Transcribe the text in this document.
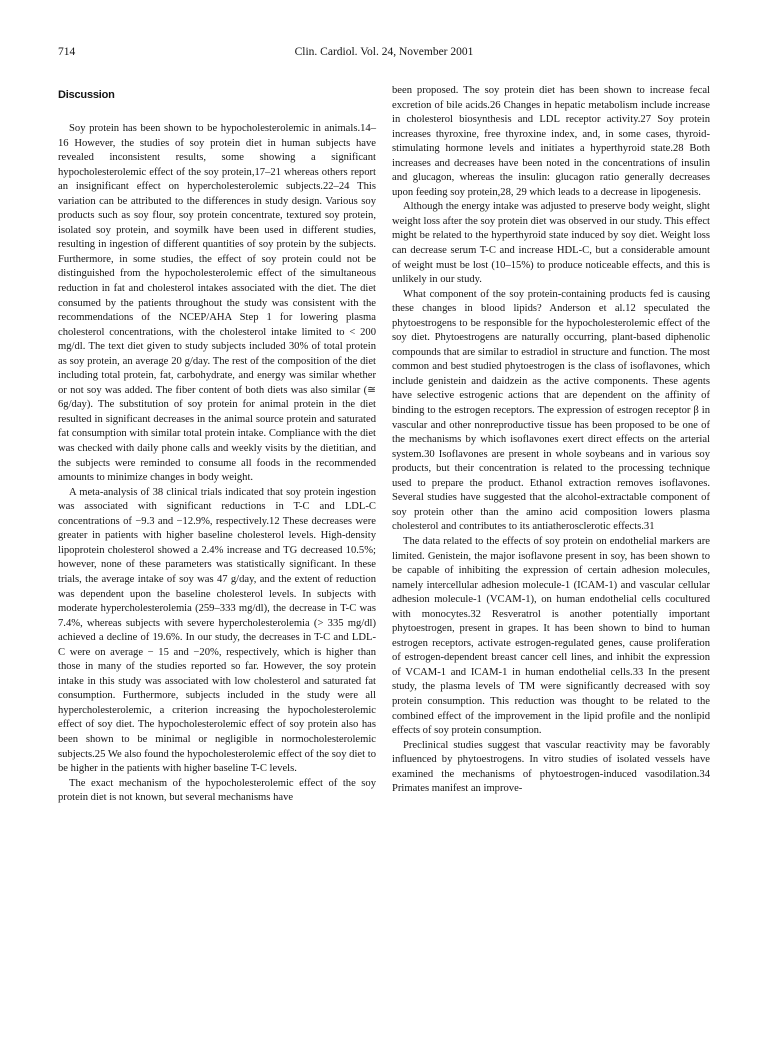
714	Clin. Cardiol. Vol. 24, November 2001
Discussion

Soy protein has been shown to be hypocholesterolemic in animals.14–16 However, the studies of soy protein diet in human subjects have revealed inconsistent results, some showing a significant hypocholesterolemic effect of the soy protein,17–21 whereas others report an insignificant effect on hypercholesterolemic subjects.22–24 This variation can be attributed to the differences in study design. Various soy products such as soy flour, soy protein concentrate, textured soy protein, isolated soy protein, and soymilk have been used in different studies, resulting in ingestion of different quantities of soy protein by the subjects. Furthermore, in some studies, the effect of soy protein could not be distinguished from the hypocholesterolemic effect of the simultaneous reduction in fat and cholesterol intakes associated with the diet. The diet consumed by the patients throughout the study was consistent with the recommendations of the NCEP/AHA Step 1 for lowering plasma cholesterol concentrations, with the cholesterol intake limited to < 200 mg/dl. The text diet given to study subjects included 30% of total protein as soy protein, an average 20 g/day. The rest of the composition of the diet including total protein, fat, carbohydrate, and energy was similar whether or not soy was added. The fiber content of both diets was also similar (≅ 6g/day). The substitution of soy protein for animal protein in the diet resulted in significant decreases in the animal source protein and saturated fat consumption with similar total protein intake. Compliance with the diet was checked with daily phone calls and weekly visits by the dietitian, and the subjects were reminded to consume all foods in the recommended amounts to minimize changes in body weight.

A meta-analysis of 38 clinical trials indicated that soy protein ingestion was associated with significant reductions in T-C and LDL-C concentrations of −9.3 and −12.9%, respectively.12 These decreases were greater in patients with higher baseline cholesterol levels. High-density lipoprotein cholesterol showed a 2.4% increase and TG decreased 10.5%; however, none of these parameters was statistically significant. In these trials, the average intake of soy was 47 g/day, and the extent of reduction was dependent upon the baseline cholesterol levels. In subjects with moderate hypercholesterolemia (259–333 mg/dl), the decrease in T-C was 7.4%, whereas subjects with severe hypercholesterolemia (> 335 mg/dl) achieved a decline of 19.6%. In our study, the decreases in T-C and LDL-C were on average − 15 and −20%, respectively, which is higher than those in many of the studies reported so far. However, the soy protein intake in this study was associated with low cholesterol and saturated fat consumption. Furthermore, subjects included in the study were all hypercholesterolemic, a criterion increasing the hypocholesterolemic effect of soy diet. The hypocholesterolemic effect of soy protein also has been shown to be minimal or negligible in normocholesterolemic subjects.25 We also found the hypocholesterolemic effect of the soy diet to be higher in the patients with higher baseline T-C levels.

The exact mechanism of the hypocholesterolemic effect of the soy protein diet is not known, but several mechanisms have

been proposed. The soy protein diet has been shown to increase fecal excretion of bile acids.26 Changes in hepatic metabolism include increase in cholesterol biosynthesis and LDL receptor activity.27 Soy protein increases thyroxine, free thyroxine index, and, in some cases, thyroid-stimulating hormone levels and initiates a hyperthyroid state.28 Both increases and decreases have been noted in the concentrations of insulin and glucagon, whereas the insulin: glucagon ratio generally decreases upon feeding soy protein,28, 29 which leads to a decrease in lipogenesis.

Although the energy intake was adjusted to preserve body weight, slight weight loss after the soy protein diet was observed in our study. This effect might be related to the hyperthyroid state induced by soy diet. Weight loss can decrease serum T-C and increase HDL-C, but a considerable amount of weight must be lost (10–15%) to produce noticeable effects, and this is unlikely in our study.

What component of the soy protein-containing products fed is causing these changes in blood lipids? Anderson et al.12 speculated the phytoestrogens to be responsible for the hypocholesterolemic effect of the soy diet. Phytoestrogens are naturally occurring, plant-based diphenolic compounds that are similar to estradiol in structure and function. The most common and best studied phytoestrogen is the class of isoflavones, which include genistein and daidzein as the active components. These agents have selective estrogenic actions that are dependent on the affinity of binding to the estrogen receptors. The expression of estrogen receptor β in vascular and other nonreproductive tissue has been proposed to be one of the mechanisms by which isoflavones exert direct effects on the arterial system.30 Isoflavones are present in whole soybeans and in various soy products, but their concentration is related to the processing technique used to prepare the product. Ethanol extraction removes isoflavones. Several studies have suggested that the alcohol-extractable component of soy protein other than the amino acid composition lowers plasma cholesterol and contributes to its antiatherosclerotic effects.31

The data related to the effects of soy protein on endothelial markers are limited. Genistein, the major isoflavone present in soy, has been shown to be capable of inhibiting the expression of certain adhesion molecules, namely intercellular adhesion molecule-1 (ICAM-1) and vascular cellular adhesion molecule-1 (VCAM-1), on human endothelial cells cocultured with monocytes.32 Resveratrol is another potentially important phytoestrogen, present in grapes. It has been shown to bind to human estrogen receptors, activate estrogen-regulated genes, cause proliferation of estrogen-dependent breast cancer cell lines, and inhibit the expression of VCAM-1 and ICAM-1 in human endothelial cells.33 In the present study, the plasma levels of TM were significantly decreased with soy protein consumption. This reduction was thought to be related to the combined effect of the improvement in the lipid profile and the nonlipid effects of soy protein consumption.

Preclinical studies suggest that vascular reactivity may be favorably influenced by phytoestrogens. In vitro studies of isolated vessels have examined the mechanisms of phytoestrogen-induced vasodilation.34 Primates manifest an improve-
